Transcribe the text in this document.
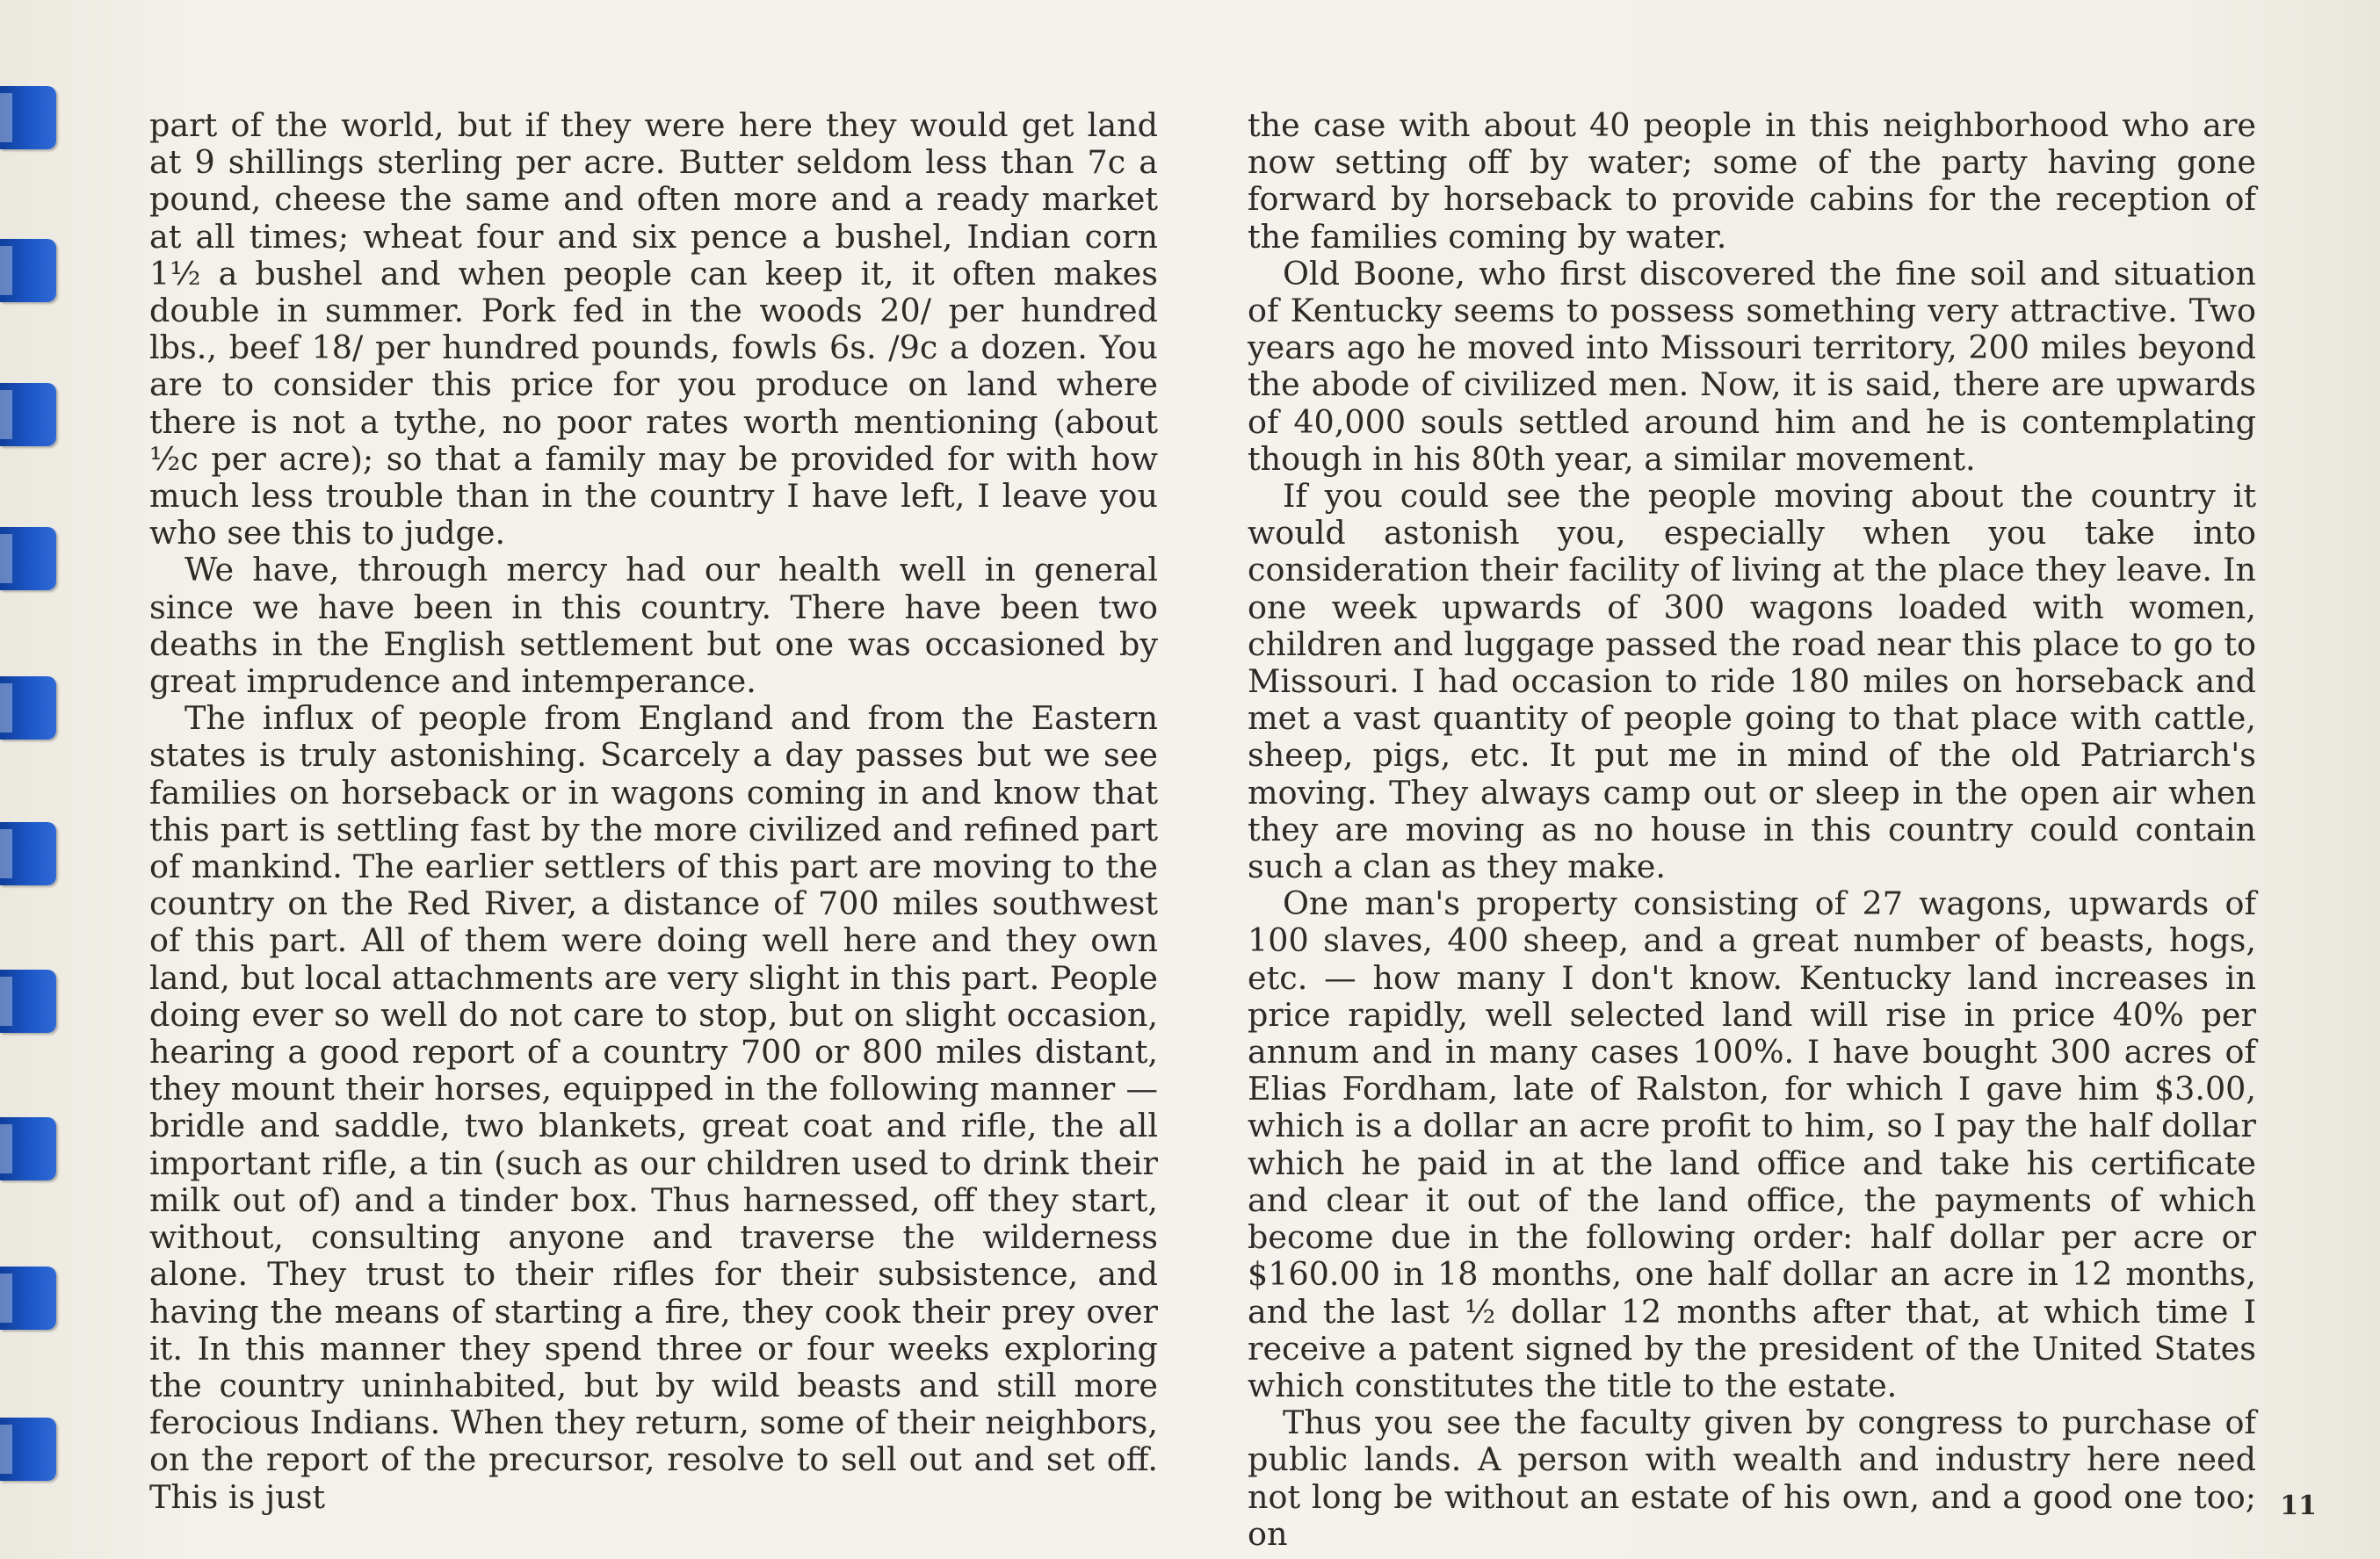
part of the world, but if they were here they would get land at 9 shillings sterling per acre. Butter seldom less than 7c a pound, cheese the same and often more and a ready market at all times; wheat four and six pence a bushel, Indian corn 1½ a bushel and when people can keep it, it often makes double in summer. Pork fed in the woods 20/ per hundred lbs., beef 18/ per hundred pounds, fowls 6s. /9c a dozen. You are to consider this price for you produce on land where there is not a tythe, no poor rates worth mentioning (about ½c per acre); so that a family may be provided for with how much less trouble than in the country I have left, I leave you who see this to judge.

We have, through mercy had our health well in general since we have been in this country. There have been two deaths in the English settlement but one was occasioned by great imprudence and intemperance.

The influx of people from England and from the Eastern states is truly astonishing. Scarcely a day passes but we see families on horseback or in wagons coming in and know that this part is settling fast by the more civilized and refined part of mankind. The earlier settlers of this part are moving to the country on the Red River, a distance of 700 miles southwest of this part. All of them were doing well here and they own land, but local attachments are very slight in this part. People doing ever so well do not care to stop, but on slight occasion, hearing a good report of a country 700 or 800 miles distant, they mount their horses, equipped in the following manner — bridle and saddle, two blankets, great coat and rifle, the all important rifle, a tin (such as our children used to drink their milk out of) and a tinder box. Thus harnessed, off they start, without, consulting anyone and traverse the wilderness alone. They trust to their rifles for their subsistence, and having the means of starting a fire, they cook their prey over it. In this manner they spend three or four weeks exploring the country uninhabited, but by wild beasts and still more ferocious Indians. When they return, some of their neighbors, on the report of the precursor, resolve to sell out and set off. This is just

the case with about 40 people in this neighborhood who are now setting off by water; some of the party having gone forward by horseback to provide cabins for the reception of the families coming by water.

Old Boone, who first discovered the fine soil and situation of Kentucky seems to possess something very attractive. Two years ago he moved into Missouri territory, 200 miles beyond the abode of civilized men. Now, it is said, there are upwards of 40,000 souls settled around him and he is contemplating though in his 80th year, a similar movement.

If you could see the people moving about the country it would astonish you, especially when you take into consideration their facility of living at the place they leave. In one week upwards of 300 wagons loaded with women, children and luggage passed the road near this place to go to Missouri. I had occasion to ride 180 miles on horseback and met a vast quantity of people going to that place with cattle, sheep, pigs, etc. It put me in mind of the old Patriarch's moving. They always camp out or sleep in the open air when they are moving as no house in this country could contain such a clan as they make.

One man's property consisting of 27 wagons, upwards of 100 slaves, 400 sheep, and a great number of beasts, hogs, etc. — how many I don't know. Kentucky land increases in price rapidly, well selected land will rise in price 40% per annum and in many cases 100%. I have bought 300 acres of Elias Fordham, late of Ralston, for which I gave him $3.00, which is a dollar an acre profit to him, so I pay the half dollar which he paid in at the land office and take his certificate and clear it out of the land office, the payments of which become due in the following order: half dollar per acre or $160.00 in 18 months, one half dollar an acre in 12 months, and the last ½ dollar 12 months after that, at which time I receive a patent signed by the president of the United States which constitutes the title to the estate.

Thus you see the faculty given by congress to purchase of public lands. A person with wealth and industry here need not long be without an estate of his own, and a good one too; on

11
